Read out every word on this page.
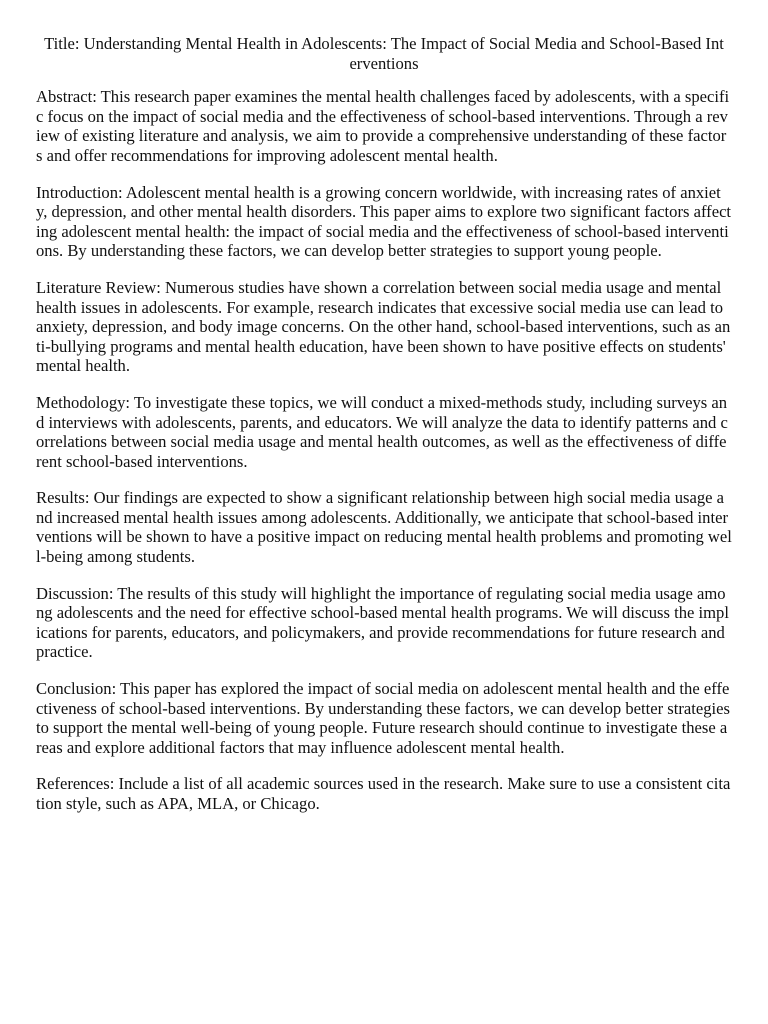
Title: Understanding Mental Health in Adolescents: The Impact of Social Media and School-Based Interventions

Abstract: This research paper examines the mental health challenges faced by adolescents, with a specific focus on the impact of social media and the effectiveness of school-based interventions. Through a review of existing literature and analysis, we aim to provide a comprehensive understanding of these factors and offer recommendations for improving adolescent mental health.

Introduction: Adolescent mental health is a growing concern worldwide, with increasing rates of anxiety, depression, and other mental health disorders. This paper aims to explore two significant factors affecting adolescent mental health: the impact of social media and the effectiveness of school-based interventions. By understanding these factors, we can develop better strategies to support young people.

Literature Review: Numerous studies have shown a correlation between social media usage and mental health issues in adolescents. For example, research indicates that excessive social media use can lead to anxiety, depression, and body image concerns. On the other hand, school-based interventions, such as anti-bullying programs and mental health education, have been shown to have positive effects on students' mental health.

Methodology: To investigate these topics, we will conduct a mixed-methods study, including surveys and interviews with adolescents, parents, and educators. We will analyze the data to identify patterns and correlations between social media usage and mental health outcomes, as well as the effectiveness of different school-based interventions.

Results: Our findings are expected to show a significant relationship between high social media usage and increased mental health issues among adolescents. Additionally, we anticipate that school-based interventions will be shown to have a positive impact on reducing mental health problems and promoting well-being among students.

Discussion: The results of this study will highlight the importance of regulating social media usage among adolescents and the need for effective school-based mental health programs. We will discuss the implications for parents, educators, and policymakers, and provide recommendations for future research and practice.

Conclusion: This paper has explored the impact of social media on adolescent mental health and the effectiveness of school-based interventions. By understanding these factors, we can develop better strategies to support the mental well-being of young people. Future research should continue to investigate these areas and explore additional factors that may influence adolescent mental health.

References: Include a list of all academic sources used in the research. Make sure to use a consistent citation style, such as APA, MLA, or Chicago.
